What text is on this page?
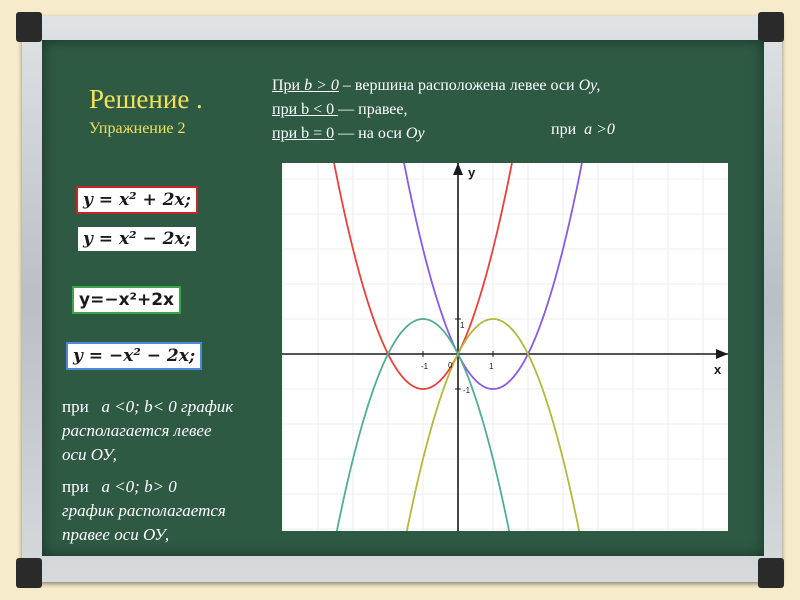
Решение .
Упражнение 2
При b > 0 – вершина расположена левее оси Oy,
при b < 0 — правее,
при b = 0 — на оси Oy	при a >0
y = x² + 2x;
y = x² − 2x;
y=−x²+2x
y = −x² − 2x;
при a <0; b< 0 график
располагается левее
оси ОУ,
при a <0; b> 0
график располагается
правее оси ОУ,
x
y
0
-1	1
1
-1
